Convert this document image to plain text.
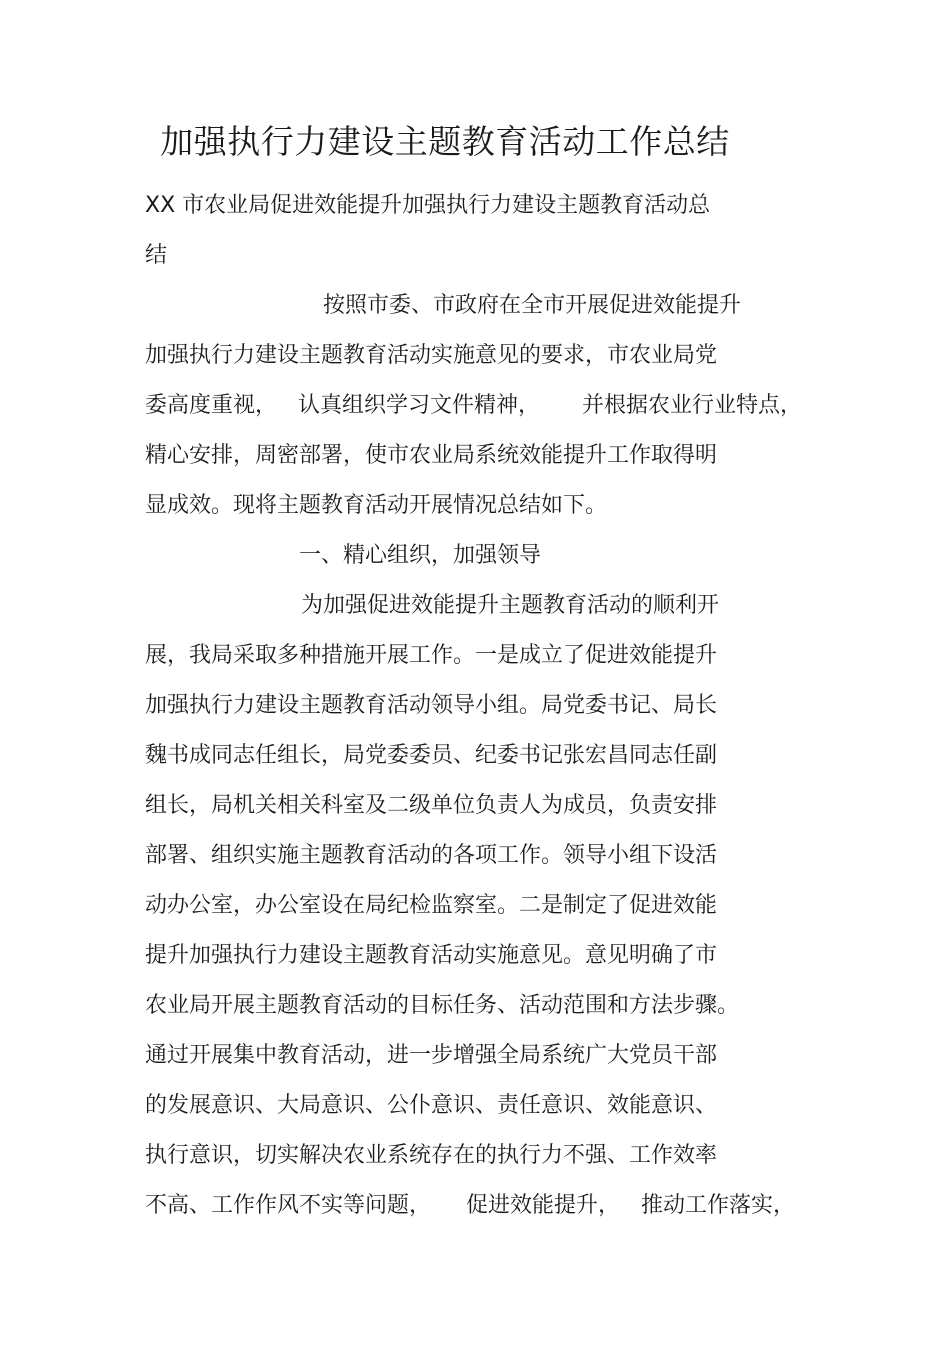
加强执行力建设主题教育活动工作总结
XX 市农业局促进效能提升加强执行力建设主题教育活动总
结
按照市委、市政府在全市开展促进效能提升
加强执行力建设主题教育活动实施意见的要求，市农业局党
委高度重视，   认真组织学习文件精神，      并根据农业行业特点，
精心安排，周密部署，使市农业局系统效能提升工作取得明
显成效。现将主题教育活动开展情况总结如下。
一、精心组织，加强领导
为加强促进效能提升主题教育活动的顺利开
展，我局采取多种措施开展工作。一是成立了促进效能提升
加强执行力建设主题教育活动领导小组。局党委书记、局长
魏书成同志任组长，局党委委员、纪委书记张宏昌同志任副
组长，局机关相关科室及二级单位负责人为成员，负责安排
部署、组织实施主题教育活动的各项工作。领导小组下设活
动办公室，办公室设在局纪检监察室。二是制定了促进效能
提升加强执行力建设主题教育活动实施意见。意见明确了市
农业局开展主题教育活动的目标任务、活动范围和方法步骤。
通过开展集中教育活动，进一步增强全局系统广大党员干部
的发展意识、大局意识、公仆意识、责任意识、效能意识、
执行意识，切实解决农业系统存在的执行力不强、工作效率
不高、工作作风不实等问题，     促进效能提升，   推动工作落实，
